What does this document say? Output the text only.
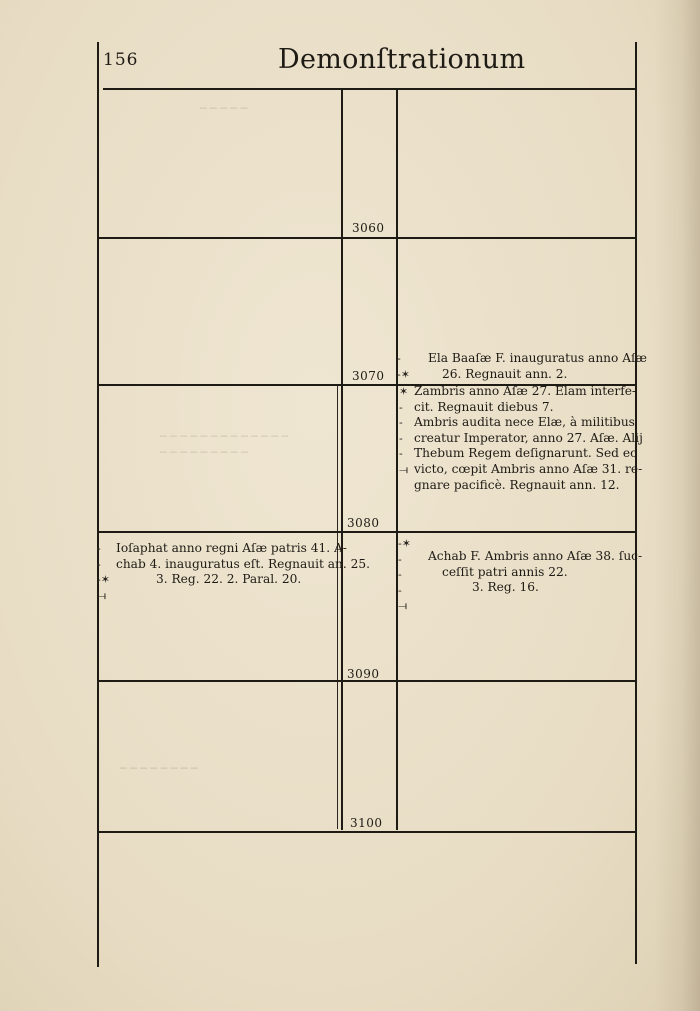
─ ─ ─ ─ ─
─ ─ ─ ─ ─ ─ ─ ─ ─ ─ ─ ─ ─
─ ─ ─ ─ ─ ─ ─ ─ ─
─ ─ ─ ─ ─ ─ ─ ─
156	Demonſtrationum
3060
3070
3080
3090
3100
-
-✶
Ela Baaſæ F. inauguratus anno Aſæ
26. Regnauit ann. 2.
✶
-
-
-
-
⟞
Zambris anno Aſæ 27. Elam interfe-
cit. Regnauit diebus 7.
Ambris audita nece Elæ, à militibus
creatur Imperator, anno 27. Aſæ. Alij
Thebum Regem deſignarunt. Sed eo
victo, cœpit Ambris anno Aſæ 31. re-
gnare pacificè. Regnauit ann. 12.
-
-
-✶
⟞
Ioſaphat anno regni Aſæ patris 41. A-
chab 4. inauguratus eſt. Regnauit an. 25.
3. Reg. 22. 2. Paral. 20.
-✶
-
-
-
⟞
Achab F. Ambris anno Aſæ 38. ſuc-
ceſſit patri annis 22.
3. Reg. 16.
